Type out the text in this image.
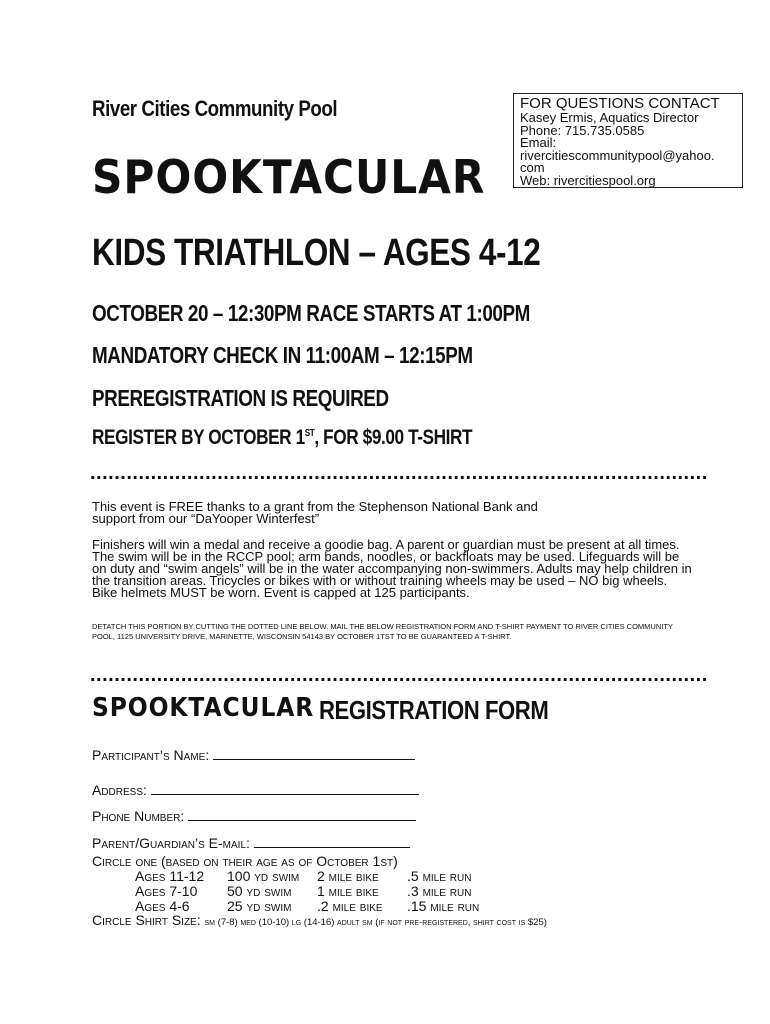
River Cities Community Pool
SPOOKTACULAR
FOR QUESTIONS CONTACT
Kasey Ermis, Aquatics Director
Phone: 715.735.0585
Email:
rivercitiescommunitypool@yahoo.
com
Web: rivercitiespool.org
KIDS TRIATHLON – AGES 4-12
OCTOBER 20 – 12:30PM RACE STARTS AT 1:00PM
MANDATORY CHECK IN 11:00AM – 12:15PM
PREREGISTRATION IS REQUIRED
REGISTER BY OCTOBER 1ST, FOR $9.00 T-SHIRT
......................................................................................................
This event is FREE thanks to a grant from the Stephenson National Bank and support from our “DaYooper Winterfest”
Finishers will win a medal and receive a goodie bag. A parent or guardian must be present at all times. The swim will be in the RCCP pool; arm bands, noodles, or backfloats may be used. Lifeguards will be on duty and “swim angels” will be in the water accompanying non-swimmers. Adults may help children in the transition areas. Tricycles or bikes with or without training wheels may be used – NO big wheels. Bike helmets MUST be worn. Event is capped at 125 participants.
DETATCH THIS PORTION BY CUTTING THE DOTTED LINE BELOW. MAIL THE BELOW REGISTRATION FORM AND T-SHIRT PAYMENT TO RIVER CITIES COMMUNITY POOL, 1125 UNIVERSITY DRIVE, MARINETTE, WISCONSIN 54143 BY OCTOBER 1TST TO BE GUARANTEED A T-SHIRT.
......................................................................................................
SPOOKTACULAR REGISTRATION FORM
Participant’s Name:
Address:
Phone Number:
Parent/Guardian’s E-mail:
Circle one (based on their age as of October 1st)
Ages 11-12 100 yd swim 2 mile bike .5 mile run
Ages 7-10 50 yd swim 1 mile bike .3 mile run
Ages 4-6	25 yd swim .2 mile bike .15 mile run
Circle Shirt Size: sm (7-8) med (10-10) lg (14-16) adult sm (if not pre-registered, shirt cost is $25)
